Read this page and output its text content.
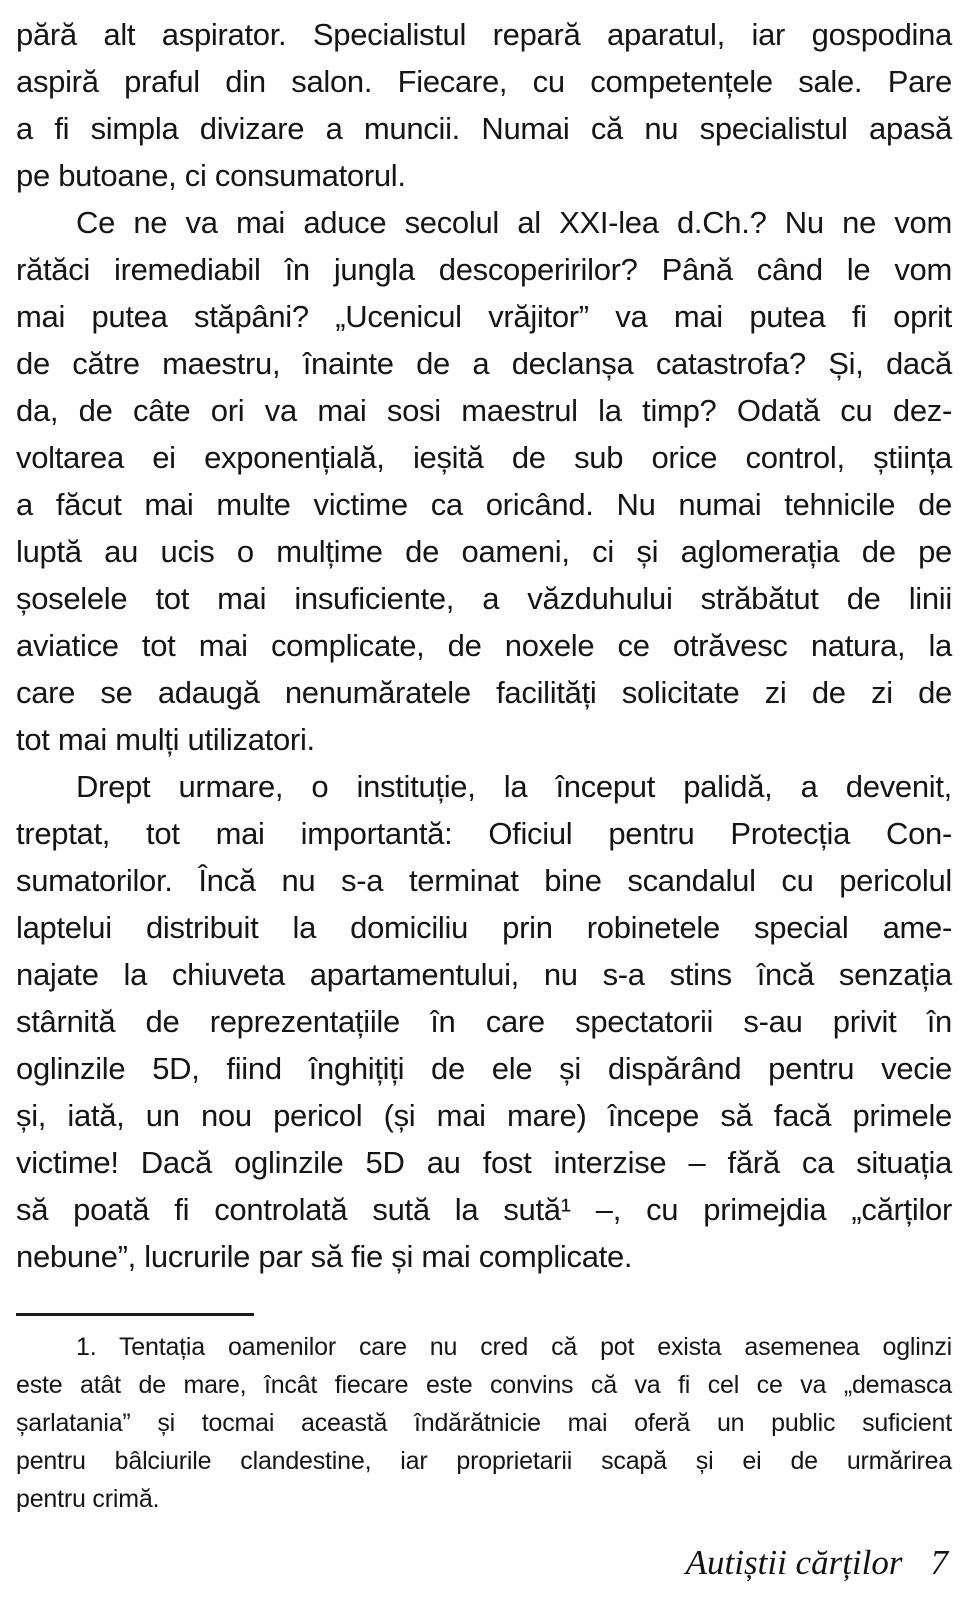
pără alt aspirator. Specialistul repară aparatul, iar gospodina
aspiră praful din salon. Fiecare, cu competențele sale. Pare
a fi simpla divizare a muncii. Numai că nu specialistul apasă
pe butoane, ci consumatorul.
Ce ne va mai aduce secolul al XXI-lea d.Ch.? Nu ne vom
rătăci iremediabil în jungla descoperirilor? Până când le vom
mai putea stăpâni? „Ucenicul vrăjitor” va mai putea fi oprit
de către maestru, înainte de a declanșa catastrofa? Și, dacă
da, de câte ori va mai sosi maestrul la timp? Odată cu dez-
voltarea ei exponențială, ieșită de sub orice control, știința
a făcut mai multe victime ca oricând. Nu numai tehnicile de
luptă au ucis o mulțime de oameni, ci și aglomerația de pe
șoselele tot mai insuficiente, a văzduhului străbătut de linii
aviatice tot mai complicate, de noxele ce otrăvesc natura, la
care se adaugă nenumăratele facilități solicitate zi de zi de
tot mai mulți utilizatori.
Drept urmare, o instituție, la început palidă, a devenit,
treptat, tot mai importantă: Oficiul pentru Protecția Con-
sumatorilor. Încă nu s-a terminat bine scandalul cu pericolul
laptelui distribuit la domiciliu prin robinetele special ame-
najate la chiuveta apartamentului, nu s-a stins încă senzația
stârnită de reprezentațiile în care spectatorii s-au privit în
oglinzile 5D, fiind înghițiți de ele și dispărând pentru vecie
și, iată, un nou pericol (și mai mare) începe să facă primele
victime! Dacă oglinzile 5D au fost interzise – fără ca situația
să poată fi controlată sută la sută¹ –, cu primejdia „cărților
nebune”, lucrurile par să fie și mai complicate.
1. Tentația oamenilor care nu cred că pot exista asemenea oglinzi
este atât de mare, încât fiecare este convins că va fi cel ce va „demasca
șarlatania” și tocmai această îndărătnicie mai oferă un public suficient
pentru bâlciurile clandestine, iar proprietarii scapă și ei de urmărirea
pentru crimă.
Autiștii cărților 7
